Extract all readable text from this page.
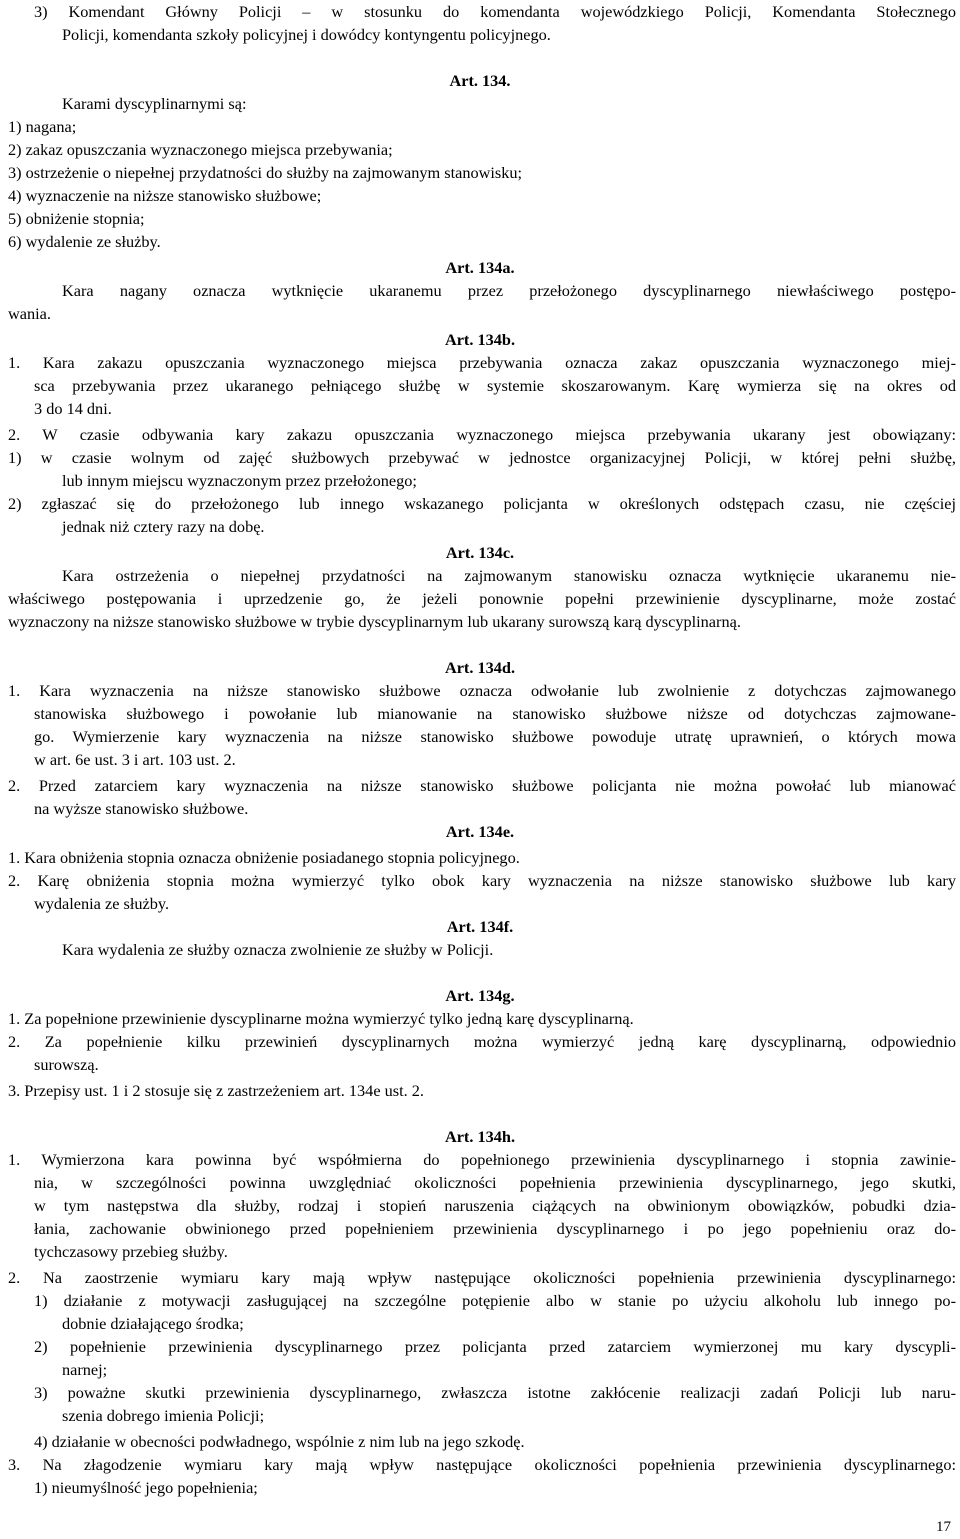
3) Komendant Główny Policji – w stosunku do komendanta wojewódzkiego Policji, Komendanta Stołecznego

Policji, komendanta szkoły policyjnej i dowódcy kontyngentu policyjnego.

Art. 134.

Karami dyscyplinarnymi są:

1) nagana;

2) zakaz opuszczania wyznaczonego miejsca przebywania;

3) ostrzeżenie o niepełnej przydatności do służby na zajmowanym stanowisku;

4) wyznaczenie na niższe stanowisko służbowe;

5) obniżenie stopnia;

6) wydalenie ze służby.

Art. 134a.

Kara nagany oznacza wytknięcie ukaranemu przez przełożonego dyscyplinarnego niewłaściwego postępo-

wania.

Art. 134b.

1. Kara zakazu opuszczania wyznaczonego miejsca przebywania oznacza zakaz opuszczania wyznaczonego miej-

sca przebywania przez ukaranego pełniącego służbę w systemie skoszarowanym. Karę wymierza się na okres od

3 do 14 dni.

2. W czasie odbywania kary zakazu opuszczania wyznaczonego miejsca przebywania ukarany jest obowiązany:

1) w czasie wolnym od zajęć służbowych przebywać w jednostce organizacyjnej Policji, w której pełni służbę,

lub innym miejscu wyznaczonym przez przełożonego;

2) zgłaszać się do przełożonego lub innego wskazanego policjanta w określonych odstępach czasu, nie częściej

jednak niż cztery razy na dobę.

Art. 134c.

Kara ostrzeżenia o niepełnej przydatności na zajmowanym stanowisku oznacza wytknięcie ukaranemu nie-

właściwego postępowania i uprzedzenie go, że jeżeli ponownie popełni przewinienie dyscyplinarne, może zostać

wyznaczony na niższe stanowisko służbowe w trybie dyscyplinarnym lub ukarany surowszą karą dyscyplinarną.

Art. 134d.

1. Kara wyznaczenia na niższe stanowisko służbowe oznacza odwołanie lub zwolnienie z dotychczas zajmowanego

stanowiska służbowego i powołanie lub mianowanie na stanowisko służbowe niższe od dotychczas zajmowane-

go. Wymierzenie kary wyznaczenia na niższe stanowisko służbowe powoduje utratę uprawnień, o których mowa

w art. 6e ust. 3 i art. 103 ust. 2.

2. Przed zatarciem kary wyznaczenia na niższe stanowisko służbowe policjanta nie można powołać lub mianować

na wyższe stanowisko służbowe.

Art. 134e.

1. Kara obniżenia stopnia oznacza obniżenie posiadanego stopnia policyjnego.

2. Karę obniżenia stopnia można wymierzyć tylko obok kary wyznaczenia na niższe stanowisko służbowe lub kary

wydalenia ze służby.

Art. 134f.

Kara wydalenia ze służby oznacza zwolnienie ze służby w Policji.

Art. 134g.

1. Za popełnione przewinienie dyscyplinarne można wymierzyć tylko jedną karę dyscyplinarną.

2. Za popełnienie kilku przewinień dyscyplinarnych można wymierzyć jedną karę dyscyplinarną, odpowiednio

surowszą.

3. Przepisy ust. 1 i 2 stosuje się z zastrzeżeniem art. 134e ust. 2.

Art. 134h.

1. Wymierzona kara powinna być współmierna do popełnionego przewinienia dyscyplinarnego i stopnia zawinie-

nia, w szczególności powinna uwzględniać okoliczności popełnienia przewinienia dyscyplinarnego, jego skutki,

w tym następstwa dla służby, rodzaj i stopień naruszenia ciążących na obwinionym obowiązków, pobudki dzia-

łania, zachowanie obwinionego przed popełnieniem przewinienia dyscyplinarnego i po jego popełnieniu oraz do-

tychczasowy przebieg służby.

2. Na zaostrzenie wymiaru kary mają wpływ następujące okoliczności popełnienia przewinienia dyscyplinarnego:

1) działanie z motywacji zasługującej na szczególne potępienie albo w stanie po użyciu alkoholu lub innego po-

dobnie działającego środka;

2) popełnienie przewinienia dyscyplinarnego przez policjanta przed zatarciem wymierzonej mu kary dyscypli-

narnej;

3) poważne skutki przewinienia dyscyplinarnego, zwłaszcza istotne zakłócenie realizacji zadań Policji lub naru-

szenia dobrego imienia Policji;

4) działanie w obecności podwładnego, wspólnie z nim lub na jego szkodę.

3. Na złagodzenie wymiaru kary mają wpływ następujące okoliczności popełnienia przewinienia dyscyplinarnego:

1) nieumyślność jego popełnienia;

17
